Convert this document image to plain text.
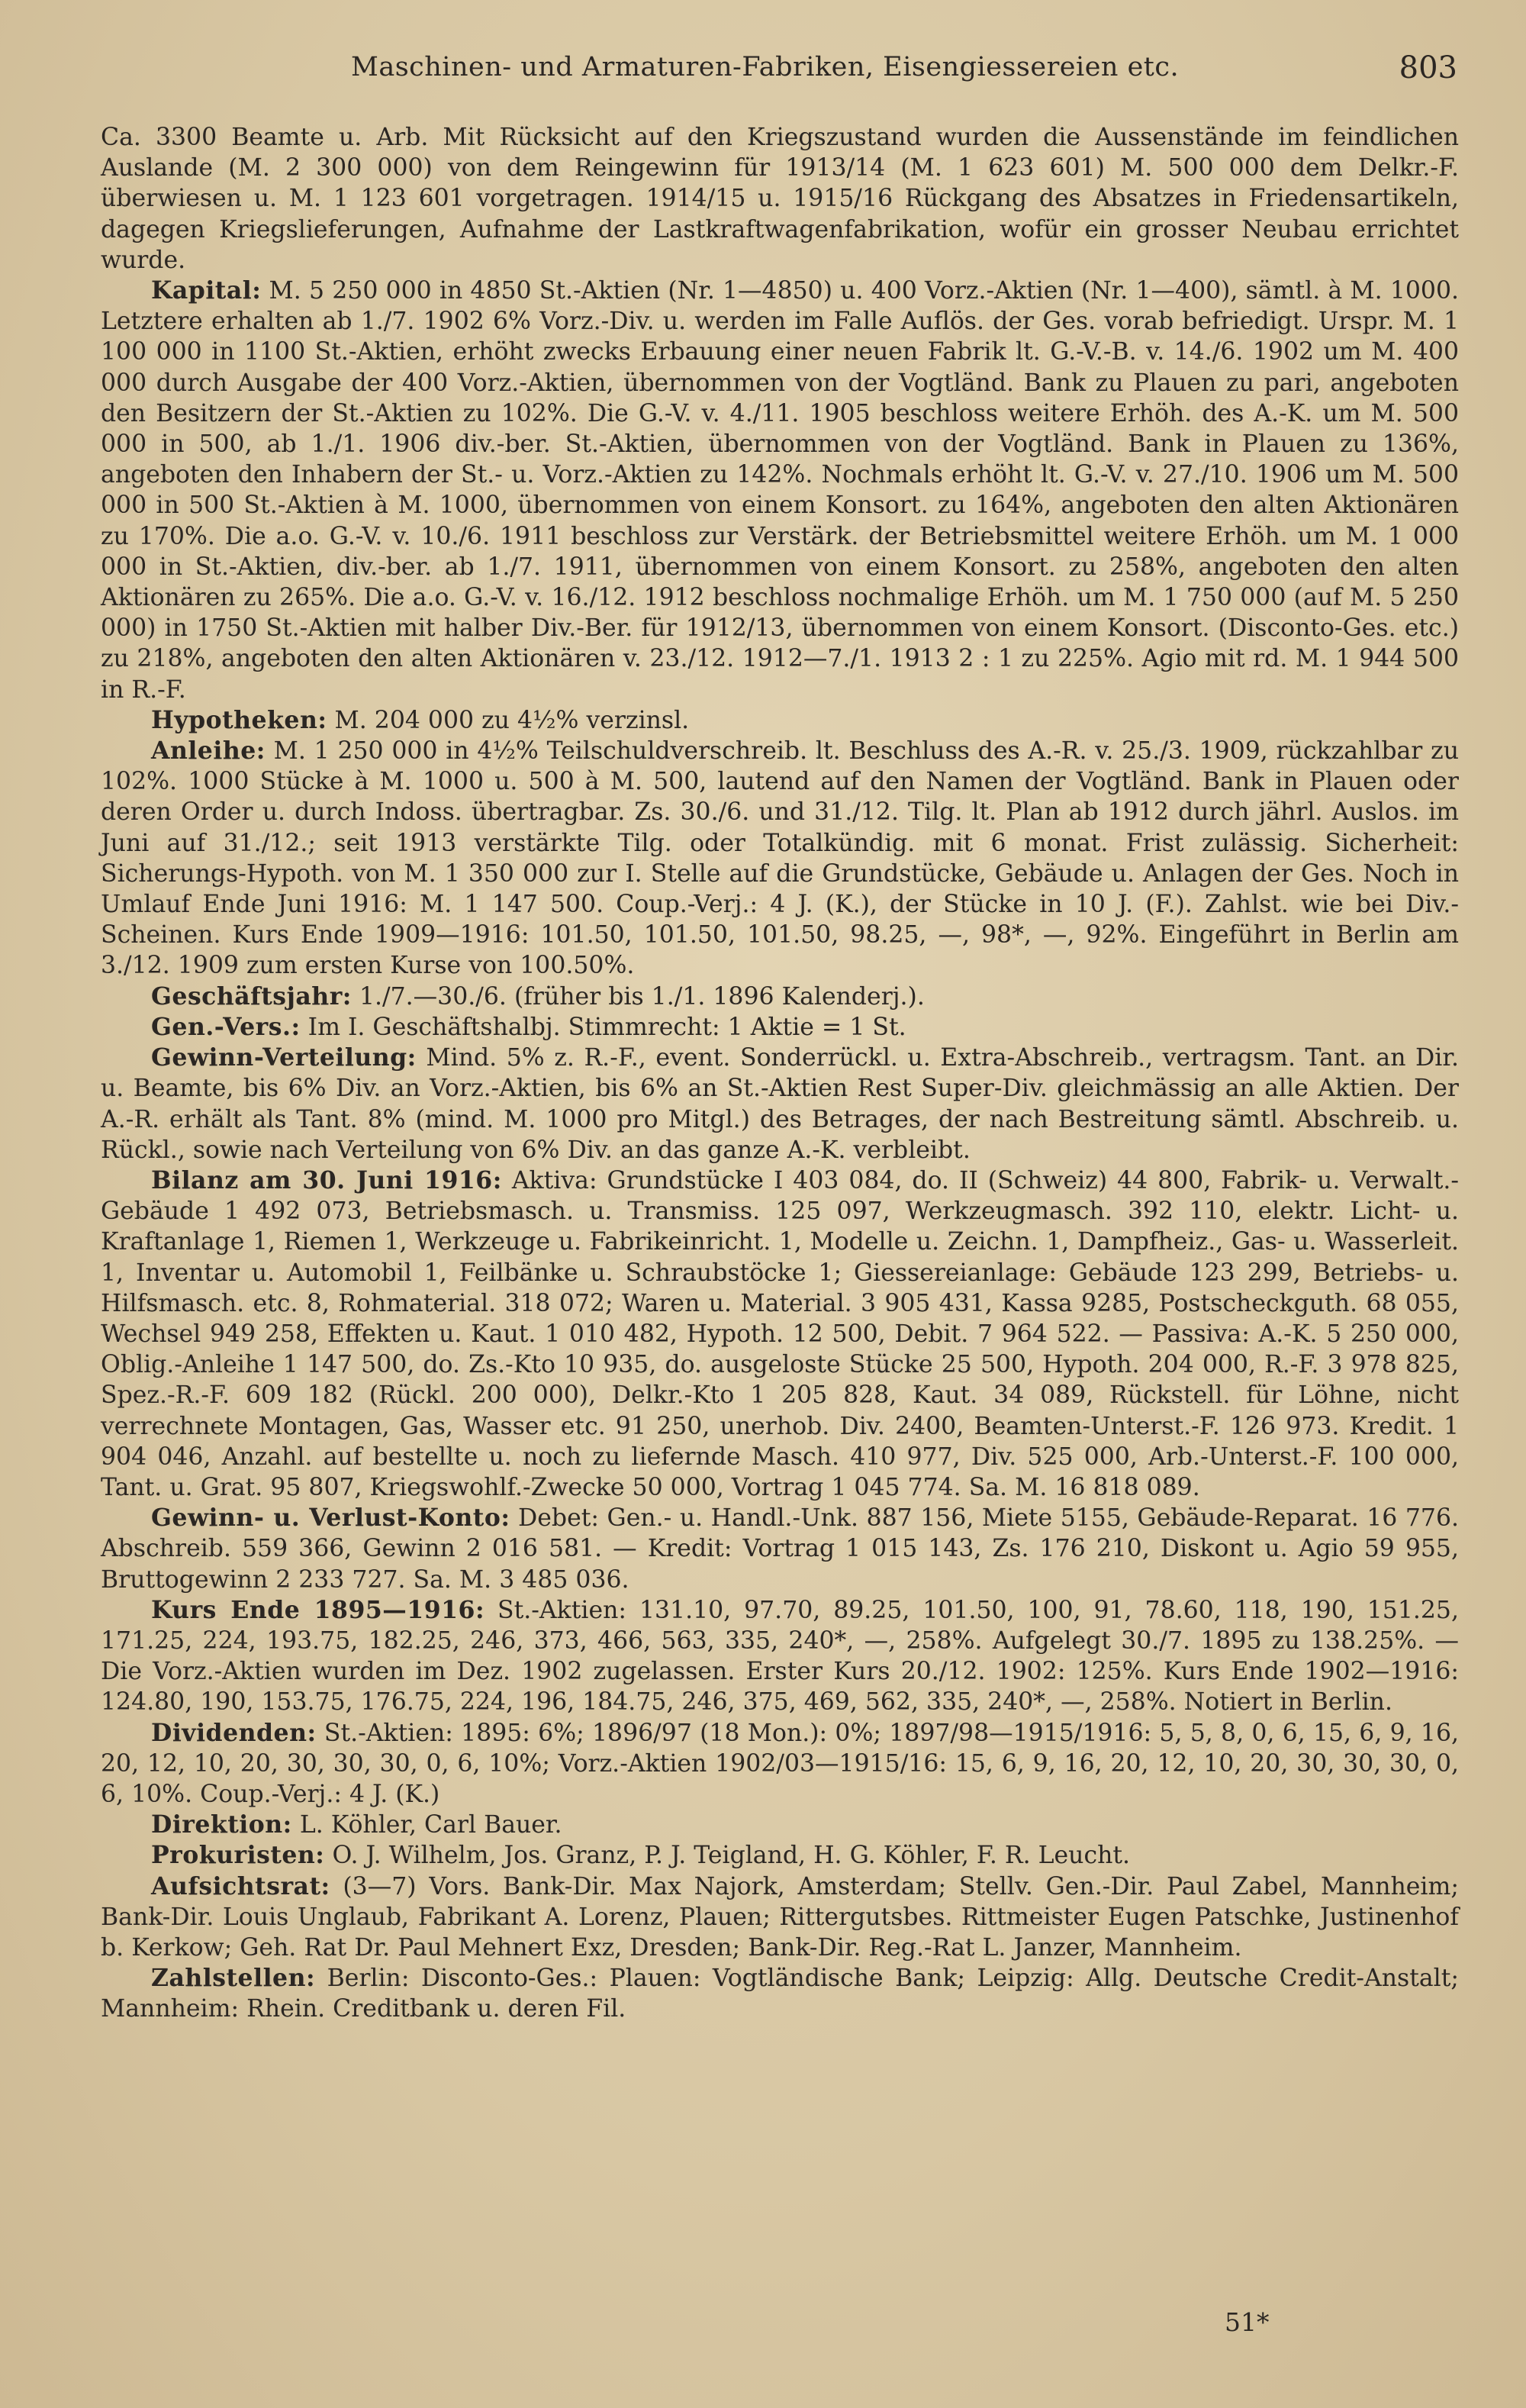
Maschinen- und Armaturen-Fabriken, Eisengiessereien etc.	803

Ca. 3300 Beamte u. Arb. Mit Rücksicht auf den Kriegszustand wurden die Aussenstände im feindlichen Auslande (M. 2 300 000) von dem Reingewinn für 1913/14 (M. 1 623 601) M. 500 000 dem Delkr.-F. überwiesen u. M. 1 123 601 vorgetragen. 1914/15 u. 1915/16 Rückgang des Absatzes in Friedensartikeln, dagegen Kriegslieferungen, Aufnahme der Lastkraftwagenfabrikation, wofür ein grosser Neubau errichtet wurde.

Kapital: M. 5 250 000 in 4850 St.-Aktien (Nr. 1—4850) u. 400 Vorz.-Aktien (Nr. 1—400), sämtl. à M. 1000. Letztere erhalten ab 1./7. 1902 6% Vorz.-Div. u. werden im Falle Auflös. der Ges. vorab befriedigt. Urspr. M. 1 100 000 in 1100 St.-Aktien, erhöht zwecks Erbauung einer neuen Fabrik lt. G.-V.-B. v. 14./6. 1902 um M. 400 000 durch Ausgabe der 400 Vorz.-Aktien, übernommen von der Vogtländ. Bank zu Plauen zu pari, angeboten den Besitzern der St.-Aktien zu 102%. Die G.-V. v. 4./11. 1905 beschloss weitere Erhöh. des A.-K. um M. 500 000 in 500, ab 1./1. 1906 div.-ber. St.-Aktien, übernommen von der Vogtländ. Bank in Plauen zu 136%, angeboten den Inhabern der St.- u. Vorz.-Aktien zu 142%. Nochmals erhöht lt. G.-V. v. 27./10. 1906 um M. 500 000 in 500 St.-Aktien à M. 1000, übernommen von einem Konsort. zu 164%, angeboten den alten Aktionären zu 170%. Die a.o. G.-V. v. 10./6. 1911 beschloss zur Verstärk. der Betriebsmittel weitere Erhöh. um M. 1 000 000 in St.-Aktien, div.-ber. ab 1./7. 1911, übernommen von einem Konsort. zu 258%, angeboten den alten Aktionären zu 265%. Die a.o. G.-V. v. 16./12. 1912 beschloss nochmalige Erhöh. um M. 1 750 000 (auf M. 5 250 000) in 1750 St.-Aktien mit halber Div.-Ber. für 1912/13, übernommen von einem Konsort. (Disconto-Ges. etc.) zu 218%, angeboten den alten Aktionären v. 23./12. 1912—7./1. 1913 2 : 1 zu 225%. Agio mit rd. M. 1 944 500 in R.-F.

Hypotheken: M. 204 000 zu 4½% verzinsl.

Anleihe: M. 1 250 000 in 4½% Teilschuldverschreib. lt. Beschluss des A.-R. v. 25./3. 1909, rückzahlbar zu 102%. 1000 Stücke à M. 1000 u. 500 à M. 500, lautend auf den Namen der Vogtländ. Bank in Plauen oder deren Order u. durch Indoss. übertragbar. Zs. 30./6. und 31./12. Tilg. lt. Plan ab 1912 durch jährl. Auslos. im Juni auf 31./12.; seit 1913 verstärkte Tilg. oder Totalkündig. mit 6 monat. Frist zulässig. Sicherheit: Sicherungs-Hypoth. von M. 1 350 000 zur I. Stelle auf die Grundstücke, Gebäude u. Anlagen der Ges. Noch in Umlauf Ende Juni 1916: M. 1 147 500. Coup.-Verj.: 4 J. (K.), der Stücke in 10 J. (F.). Zahlst. wie bei Div.-Scheinen. Kurs Ende 1909—1916: 101.50, 101.50, 101.50, 98.25, —, 98*, —, 92%. Eingeführt in Berlin am 3./12. 1909 zum ersten Kurse von 100.50%.

Geschäftsjahr: 1./7.—30./6. (früher bis 1./1. 1896 Kalenderj.).

Gen.-Vers.: Im I. Geschäftshalbj. Stimmrecht: 1 Aktie = 1 St.

Gewinn-Verteilung: Mind. 5% z. R.-F., event. Sonderrückl. u. Extra-Abschreib., vertragsm. Tant. an Dir. u. Beamte, bis 6% Div. an Vorz.-Aktien, bis 6% an St.-Aktien Rest Super-Div. gleichmässig an alle Aktien. Der A.-R. erhält als Tant. 8% (mind. M. 1000 pro Mitgl.) des Betrages, der nach Bestreitung sämtl. Abschreib. u. Rückl., sowie nach Verteilung von 6% Div. an das ganze A.-K. verbleibt.

Bilanz am 30. Juni 1916: Aktiva: Grundstücke I 403 084, do. II (Schweiz) 44 800, Fabrik- u. Verwalt.-Gebäude 1 492 073, Betriebsmasch. u. Transmiss. 125 097, Werkzeugmasch. 392 110, elektr. Licht- u. Kraftanlage 1, Riemen 1, Werkzeuge u. Fabrikeinricht. 1, Modelle u. Zeichn. 1, Dampfheiz., Gas- u. Wasserleit. 1, Inventar u. Automobil 1, Feilbänke u. Schraubstöcke 1; Giessereianlage: Gebäude 123 299, Betriebs- u. Hilfsmasch. etc. 8, Rohmaterial. 318 072; Waren u. Material. 3 905 431, Kassa 9285, Postscheckguth. 68 055, Wechsel 949 258, Effekten u. Kaut. 1 010 482, Hypoth. 12 500, Debit. 7 964 522. — Passiva: A.-K. 5 250 000, Oblig.-Anleihe 1 147 500, do. Zs.-Kto 10 935, do. ausgeloste Stücke 25 500, Hypoth. 204 000, R.-F. 3 978 825, Spez.-R.-F. 609 182 (Rückl. 200 000), Delkr.-Kto 1 205 828, Kaut. 34 089, Rückstell. für Löhne, nicht verrechnete Montagen, Gas, Wasser etc. 91 250, unerhob. Div. 2400, Beamten-Unterst.-F. 126 973. Kredit. 1 904 046, Anzahl. auf bestellte u. noch zu liefernde Masch. 410 977, Div. 525 000, Arb.-Unterst.-F. 100 000, Tant. u. Grat. 95 807, Kriegswohlf.-Zwecke 50 000, Vortrag 1 045 774. Sa. M. 16 818 089.

Gewinn- u. Verlust-Konto: Debet: Gen.- u. Handl.-Unk. 887 156, Miete 5155, Gebäude-Reparat. 16 776. Abschreib. 559 366, Gewinn 2 016 581. — Kredit: Vortrag 1 015 143, Zs. 176 210, Diskont u. Agio 59 955, Bruttogewinn 2 233 727. Sa. M. 3 485 036.

Kurs Ende 1895—1916: St.-Aktien: 131.10, 97.70, 89.25, 101.50, 100, 91, 78.60, 118, 190, 151.25, 171.25, 224, 193.75, 182.25, 246, 373, 466, 563, 335, 240*, —, 258%. Aufgelegt 30./7. 1895 zu 138.25%. — Die Vorz.-Aktien wurden im Dez. 1902 zugelassen. Erster Kurs 20./12. 1902: 125%. Kurs Ende 1902—1916: 124.80, 190, 153.75, 176.75, 224, 196, 184.75, 246, 375, 469, 562, 335, 240*, —, 258%. Notiert in Berlin.

Dividenden: St.-Aktien: 1895: 6%; 1896/97 (18 Mon.): 0%; 1897/98—1915/1916: 5, 5, 8, 0, 6, 15, 6, 9, 16, 20, 12, 10, 20, 30, 30, 30, 0, 6, 10%; Vorz.-Aktien 1902/03—1915/16: 15, 6, 9, 16, 20, 12, 10, 20, 30, 30, 30, 0, 6, 10%. Coup.-Verj.: 4 J. (K.)

Direktion: L. Köhler, Carl Bauer.

Prokuristen: O. J. Wilhelm, Jos. Granz, P. J. Teigland, H. G. Köhler, F. R. Leucht.

Aufsichtsrat: (3—7) Vors. Bank-Dir. Max Najork, Amsterdam; Stellv. Gen.-Dir. Paul Zabel, Mannheim; Bank-Dir. Louis Unglaub, Fabrikant A. Lorenz, Plauen; Rittergutsbes. Rittmeister Eugen Patschke, Justinenhof b. Kerkow; Geh. Rat Dr. Paul Mehnert Exz, Dresden; Bank-Dir. Reg.-Rat L. Janzer, Mannheim.

Zahlstellen: Berlin: Disconto-Ges.: Plauen: Vogtländische Bank; Leipzig: Allg. Deutsche Credit-Anstalt; Mannheim: Rhein. Creditbank u. deren Fil.

51*
